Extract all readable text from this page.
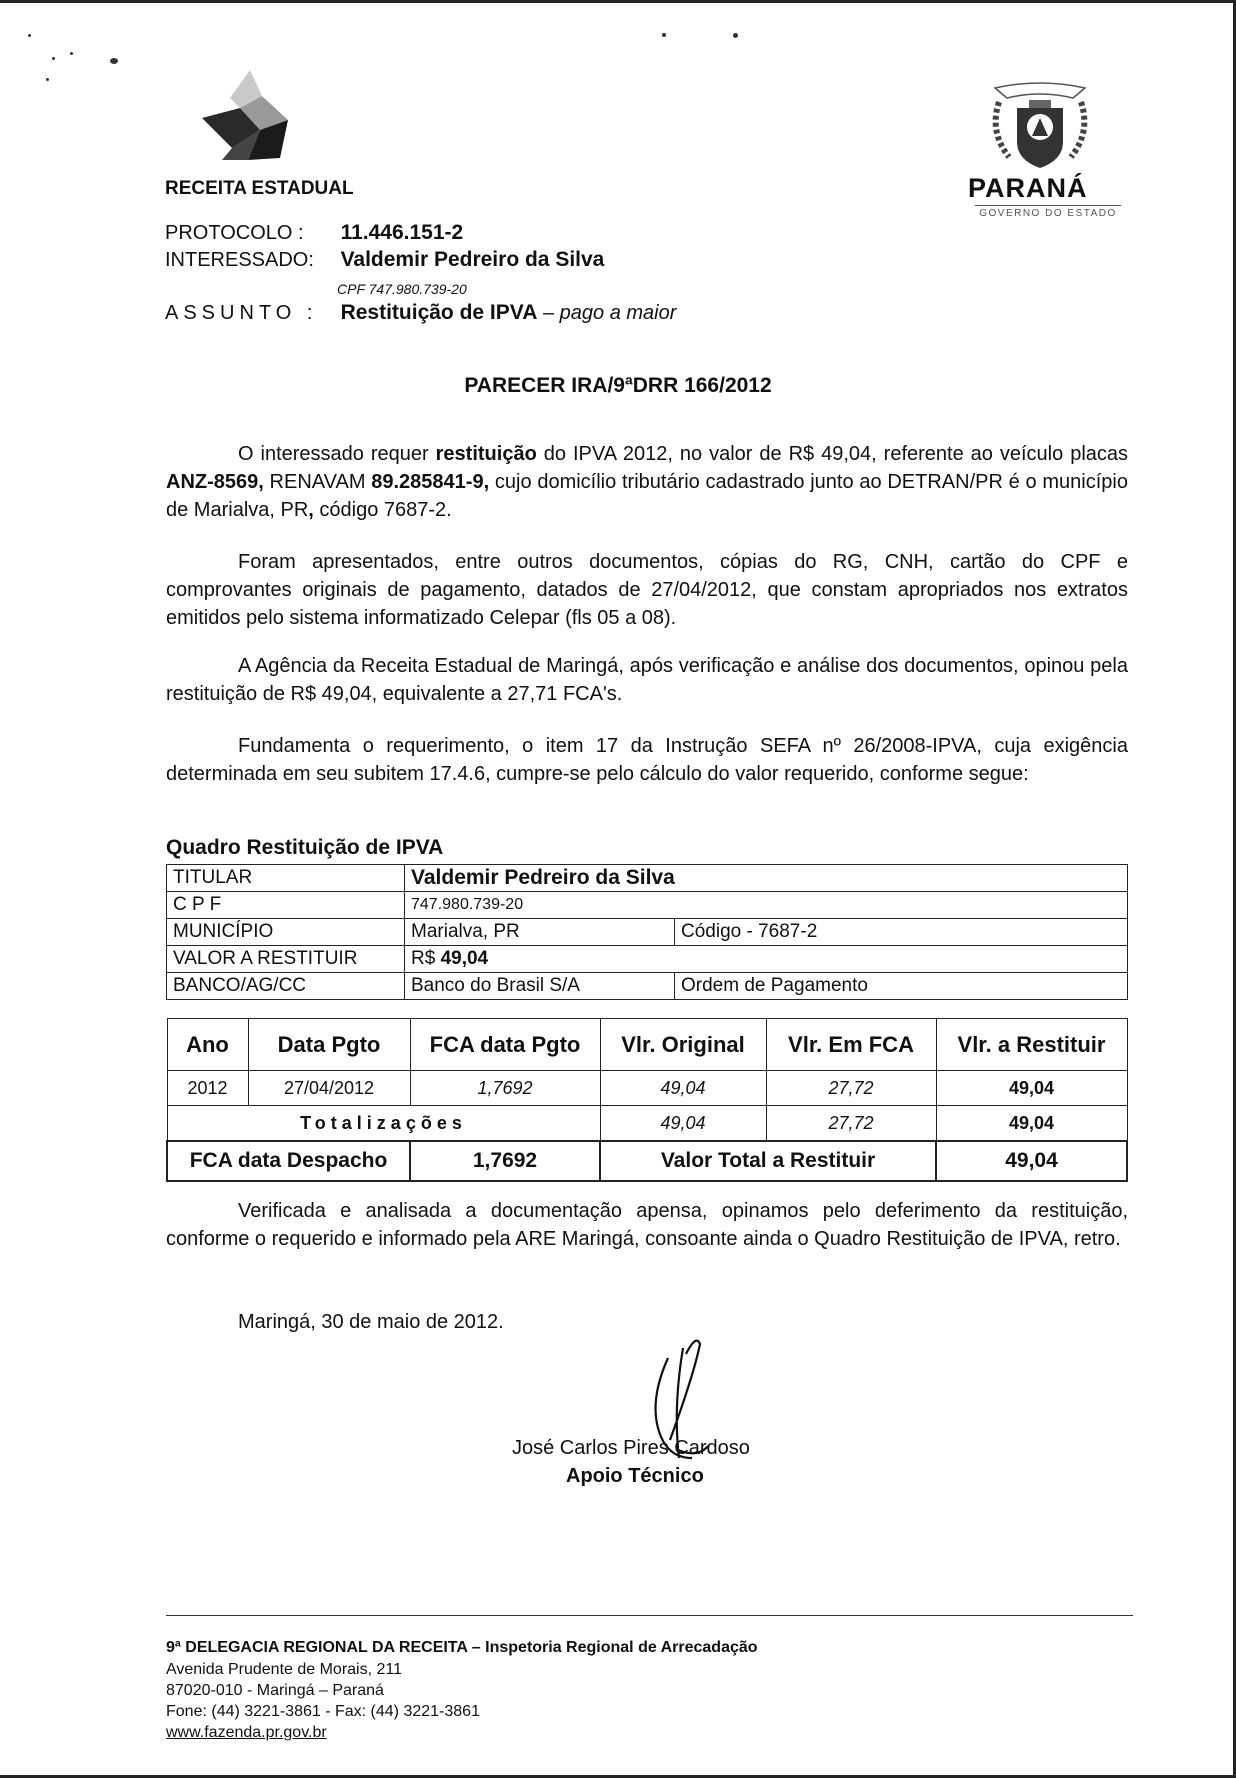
RECEITA ESTADUAL	PARANÁ
GOVERNO DO ESTADO
PROTOCOLO : 11.446.151-2
INTERESSADO: Valdemir Pedreiro da Silva
CPF 747.980.739-20
ASSUNTO : Restituição de IPVA – pago a maior
PARECER IRA/9ªDRR 166/2012
O interessado requer restituição do IPVA 2012, no valor de R$ 49,04, referente ao veículo placas ANZ-8569, RENAVAM 89.285841-9, cujo domicílio tributário cadastrado junto ao DETRAN/PR é o município de Marialva, PR, código 7687-2.
Foram apresentados, entre outros documentos, cópias do RG, CNH, cartão do CPF e comprovantes originais de pagamento, datados de 27/04/2012, que constam apropriados nos extratos emitidos pelo sistema informatizado Celepar (fls 05 a 08).
A Agência da Receita Estadual de Maringá, após verificação e análise dos documentos, opinou pela restituição de R$ 49,04, equivalente a 27,71 FCA's.
Fundamenta o requerimento, o item 17 da Instrução SEFA nº 26/2008-IPVA, cuja exigência determinada em seu subitem 17.4.6, cumpre-se pelo cálculo do valor requerido, conforme segue:
Quadro Restituição de IPVA
TITULAR	Valdemir Pedreiro da Silva	
C P F	747.980.739-20	
MUNICÍPIO	Marialva, PR	Código - 7687-2
VALOR A RESTITUIR	R$ 49,04	
BANCO/AG/CC	Banco do Brasil S/A	Ordem de Pagamento
Ano	Data Pgto	FCA data Pgto	Vlr. Original	Vlr. Em FCA	Vlr. a Restituir
2012	27/04/2012	1,7692	49,04	27,72	49,04
Totalizações			49,04	27,72	49,04
FCA data Despacho		1,7692	Valor Total a Restituir		49,04
Verificada e analisada a documentação apensa, opinamos pelo deferimento da restituição, conforme o requerido e informado pela ARE Maringá, consoante ainda o Quadro Restituição de IPVA, retro.
Maringá, 30 de maio de 2012.
José Carlos Pires Cardoso
Apoio Técnico
9ª DELEGACIA REGIONAL DA RECEITA – Inspetoria Regional de Arrecadação
Avenida Prudente de Morais, 211
87020-010 - Maringá – Paraná
Fone: (44) 3221-3861 - Fax: (44) 3221-3861
www.fazenda.pr.gov.br
